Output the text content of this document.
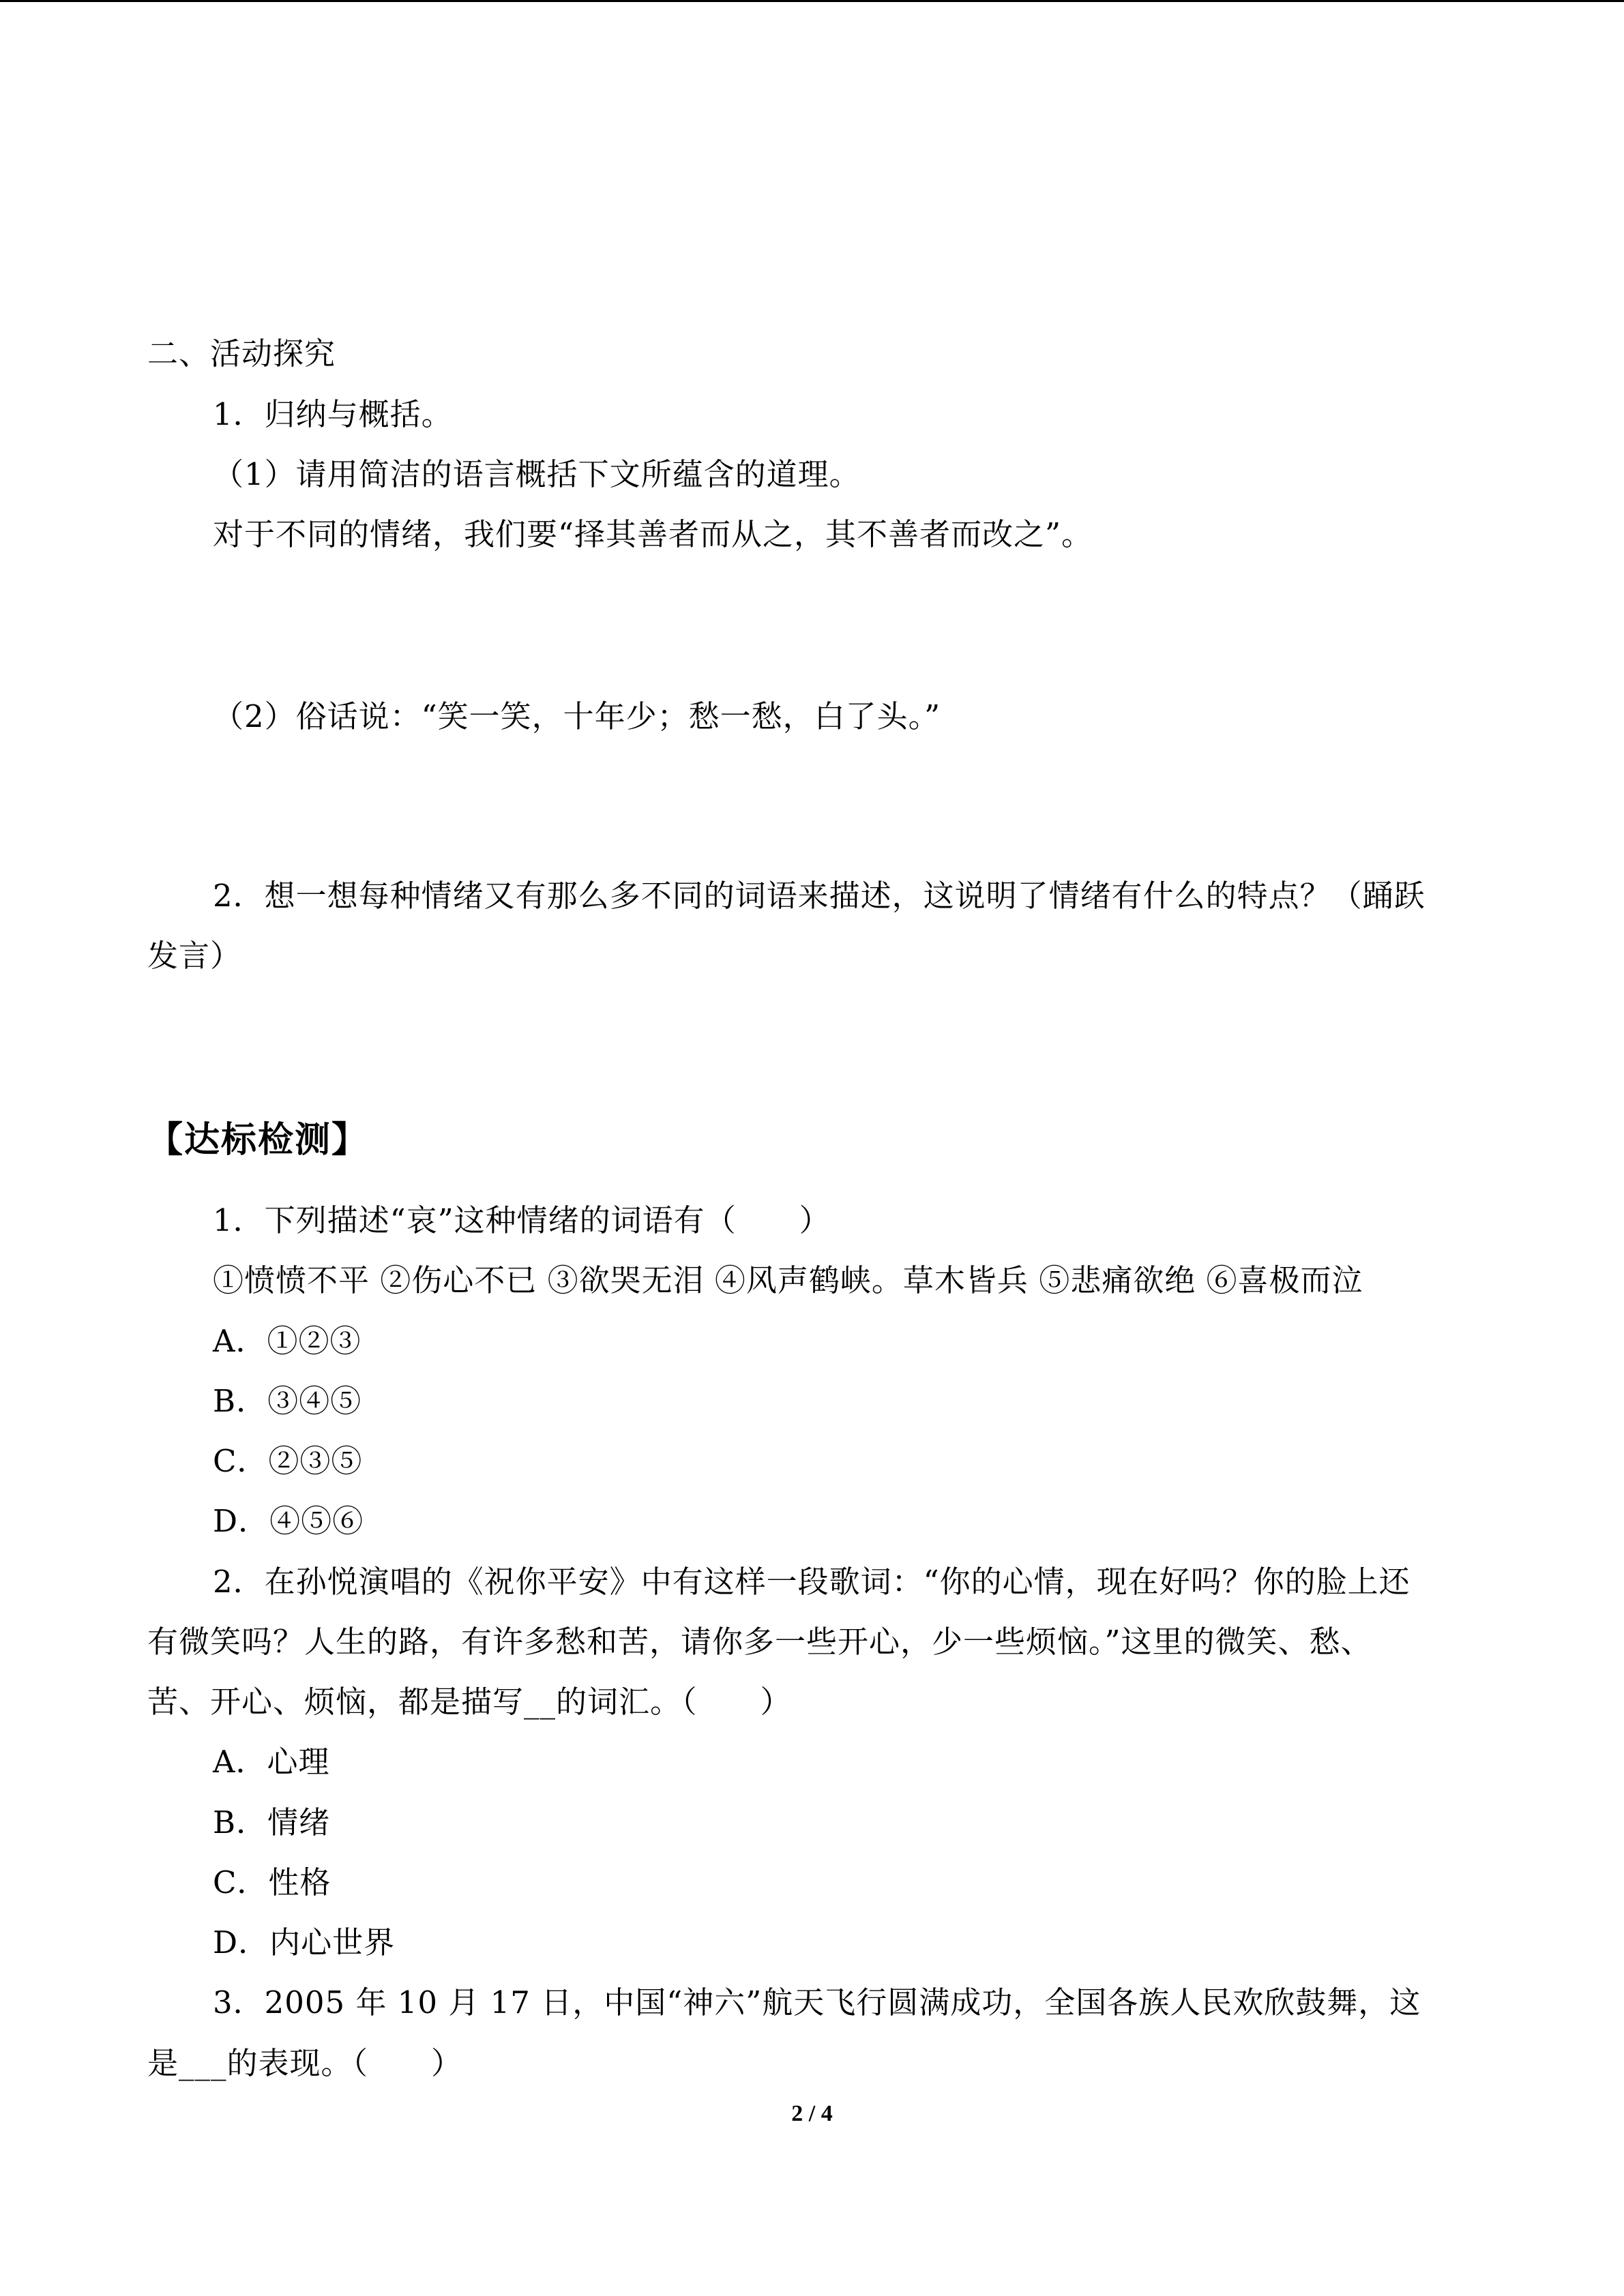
二、活动探究
1．归纳与概括。
（1）请用简洁的语言概括下文所蕴含的道理。
对于不同的情绪，我们要“择其善者而从之，其不善者而改之”。
（2）俗话说：“笑一笑，十年少；愁一愁，白了头。”
2．想一想每种情绪又有那么多不同的词语来描述，这说明了情绪有什么的特点？（踊跃
发言）
【达标检测】
1．下列描述“哀”这种情绪的词语有（　　）
①愤愤不平 ②伤心不已 ③欲哭无泪 ④风声鹤峡。草木皆兵 ⑤悲痛欲绝 ⑥喜极而泣
A．①②③
B．③④⑤
C．②③⑤
D．④⑤⑥
2．在孙悦演唱的《祝你平安》中有这样一段歌词：“你的心情，现在好吗？你的脸上还
有微笑吗？人生的路，有许多愁和苦，请你多一些开心，少一些烦恼。”这里的微笑、愁、
苦、开心、烦恼，都是描写__的词汇。（　　）
A．心理
B．情绪
C．性格
D．内心世界
3．2005 年 10 月 17 日，中国“神六”航天飞行圆满成功，全国各族人民欢欣鼓舞，这
是___的表现。（　　）
2 / 4
